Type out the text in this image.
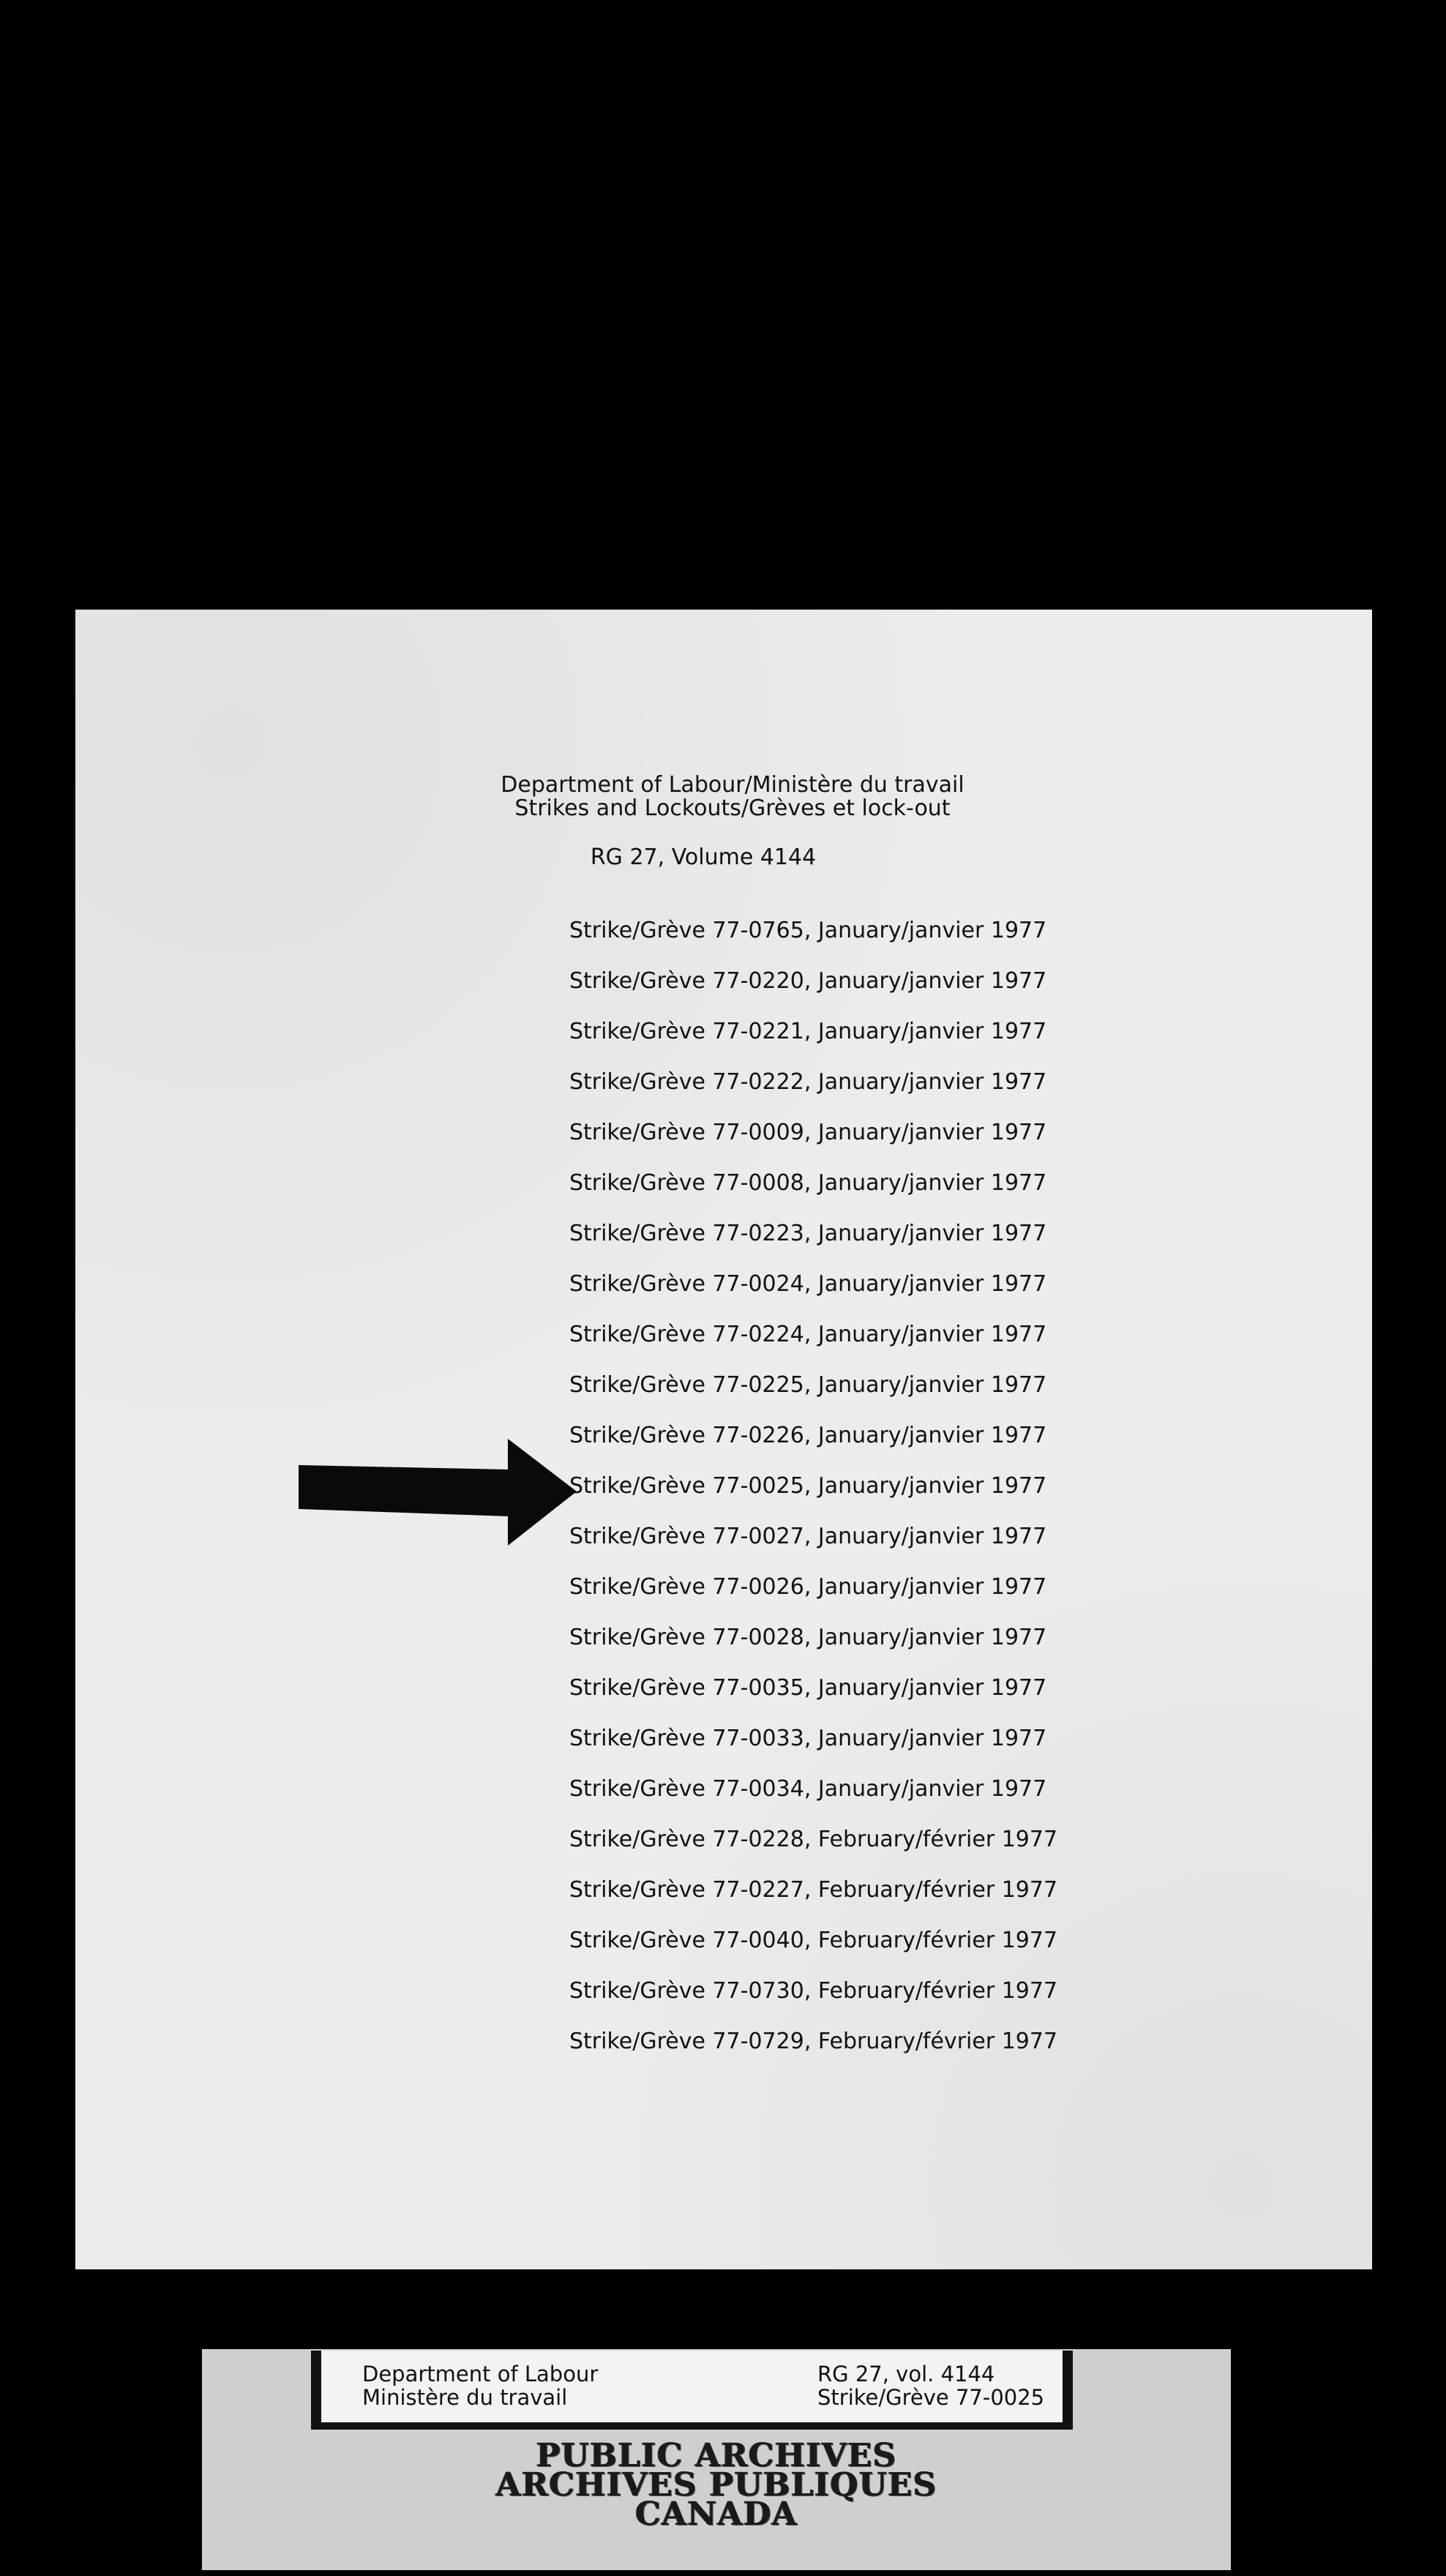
Department of Labour/Ministère du travail
Strikes and Lockouts/Grèves et lock-out
RG 27, Volume 4144
Strike/Grève 77-0765, January/janvier 1977
Strike/Grève 77-0220, January/janvier 1977
Strike/Grève 77-0221, January/janvier 1977
Strike/Grève 77-0222, January/janvier 1977
Strike/Grève 77-0009, January/janvier 1977
Strike/Grève 77-0008, January/janvier 1977
Strike/Grève 77-0223, January/janvier 1977
Strike/Grève 77-0024, January/janvier 1977
Strike/Grève 77-0224, January/janvier 1977
Strike/Grève 77-0225, January/janvier 1977
Strike/Grève 77-0226, January/janvier 1977
Strike/Grève 77-0025, January/janvier 1977
Strike/Grève 77-0027, January/janvier 1977
Strike/Grève 77-0026, January/janvier 1977
Strike/Grève 77-0028, January/janvier 1977
Strike/Grève 77-0035, January/janvier 1977
Strike/Grève 77-0033, January/janvier 1977
Strike/Grève 77-0034, January/janvier 1977
Strike/Grève 77-0228, February/février 1977
Strike/Grève 77-0227, February/février 1977
Strike/Grève 77-0040, February/février 1977
Strike/Grève 77-0730, February/février 1977
Strike/Grève 77-0729, February/février 1977
Department of Labour
Ministère du travail
RG 27, vol. 4144
Strike/Grève 77-0025
PUBLIC ARCHIVES
ARCHIVES PUBLIQUES
CANADA
